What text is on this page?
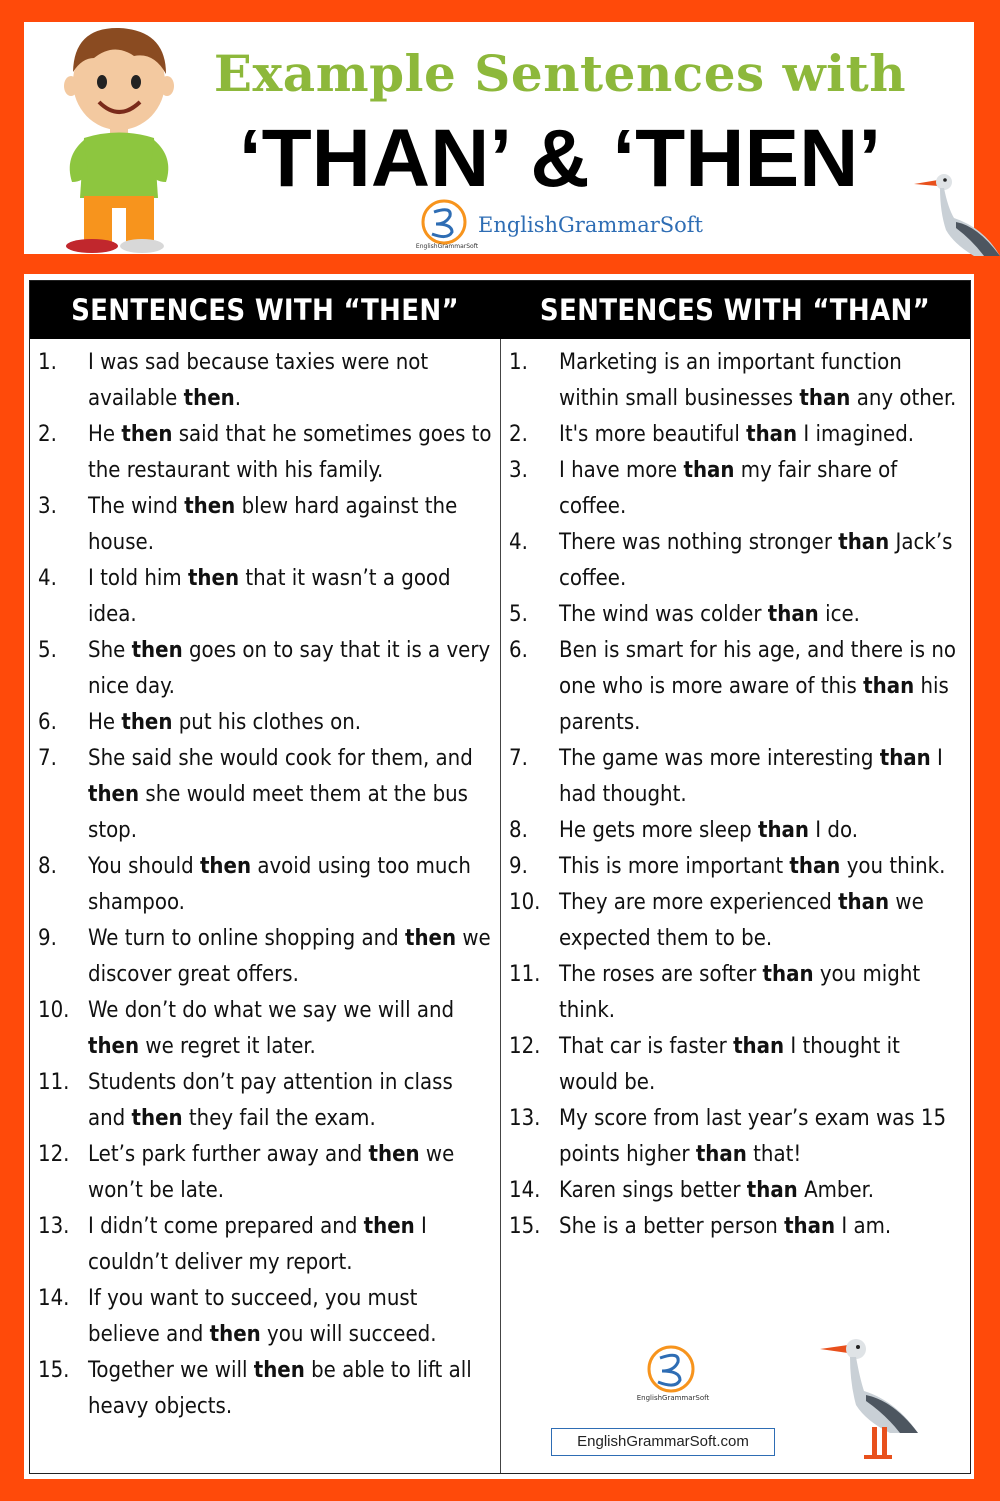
Example Sentences with
‘THAN’ & ‘THEN’
EnglishGrammarSoft
EnglishGrammarSoft
SENTENCES WITH “THEN”	SENTENCES WITH “THAN”
1. I was sad because taxies were not available then.
2. He then said that he sometimes goes to the restaurant with his family.
3. The wind then blew hard against the house.
4. I told him then that it wasn’t a good idea.
5. She then goes on to say that it is a very nice day.
6. He then put his clothes on.
7. She said she would cook for them, and then she would meet them at the bus stop.
8. You should then avoid using too much shampoo.
9. We turn to online shopping and then we discover great offers.
10. We don’t do what we say we will and then we regret it later.
11. Students don’t pay attention in class and then they fail the exam.
12. Let’s park further away and then we won’t be late.
13. I didn’t come prepared and then I couldn’t deliver my report.
14. If you want to succeed, you must believe and then you will succeed.
15. Together we will then be able to lift all heavy objects.
1. Marketing is an important function within small businesses than any other.
2. It's more beautiful than I imagined.
3. I have more than my fair share of coffee.
4. There was nothing stronger than Jack’s coffee.
5. The wind was colder than ice.
6. Ben is smart for his age, and there is no one who is more aware of this than his parents.
7. The game was more interesting than I had thought.
8. He gets more sleep than I do.
9. This is more important than you think.
10. They are more experienced than we expected them to be.
11. The roses are softer than you might think.
12. That car is faster than I thought it would be.
13. My score from last year’s exam was 15 points higher than that!
14. Karen sings better than Amber.
15. She is a better person than I am.
EnglishGrammarSoft
EnglishGrammarSoft.com
